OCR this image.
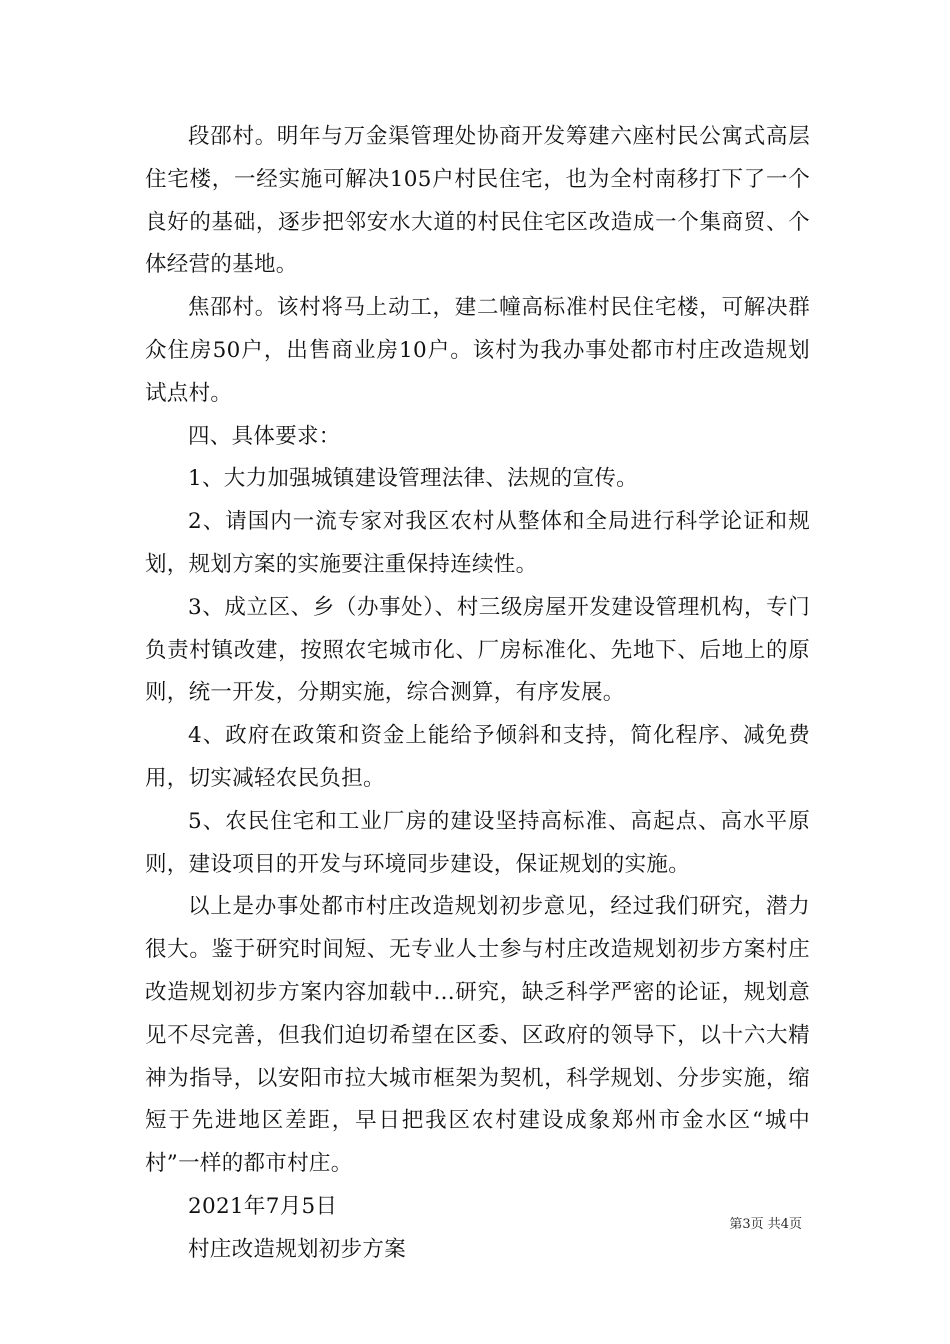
段邵村。明年与万金渠管理处协商开发筹建六座村民公寓式高层住宅楼，一经实施可解决105户村民住宅，也为全村南移打下了一个良好的基础，逐步把邻安水大道的村民住宅区改造成一个集商贸、个体经营的基地。

焦邵村。该村将马上动工，建二幢高标准村民住宅楼，可解决群众住房50户，出售商业房10户。该村为我办事处都市村庄改造规划试点村。

四、具体要求：

1、大力加强城镇建设管理法律、法规的宣传。

2、请国内一流专家对我区农村从整体和全局进行科学论证和规划，规划方案的实施要注重保持连续性。

3、成立区、乡（办事处）、村三级房屋开发建设管理机构，专门负责村镇改建，按照农宅城市化、厂房标准化、先地下、后地上的原则，统一开发，分期实施，综合测算，有序发展。

4、政府在政策和资金上能给予倾斜和支持，简化程序、减免费用，切实减轻农民负担。

5、农民住宅和工业厂房的建设坚持高标准、高起点、高水平原则，建设项目的开发与环境同步建设，保证规划的实施。

以上是办事处都市村庄改造规划初步意见，经过我们研究，潜力很大。鉴于研究时间短、无专业人士参与村庄改造规划初步方案村庄改造规划初步方案内容加载中...研究，缺乏科学严密的论证，规划意见不尽完善，但我们迫切希望在区委、区政府的领导下，以十六大精神为指导，以安阳市拉大城市框架为契机，科学规划、分步实施，缩短于先进地区差距，早日把我区农村建设成象郑州市金水区“城中村”一样的都市村庄。

2021年7月5日

村庄改造规划初步方案

第3页 共4页
